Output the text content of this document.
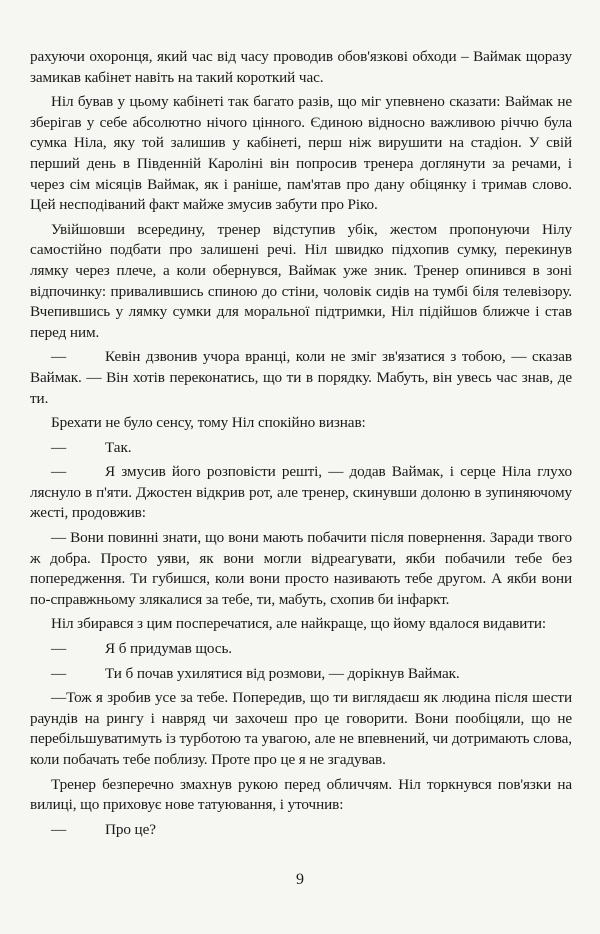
рахуючи охоронця, який час від часу проводив обов'язкові обходи – Ваймак щоразу замикав кабінет навіть на такий короткий час.

Ніл бував у цьому кабінеті так багато разів, що міг упевнено сказати: Ваймак не зберігав у себе абсолютно нічого цінного. Єдиною відносно важливою річчю була сумка Ніла, яку той залишив у кабінеті, перш ніж вирушити на стадіон. У свій перший день в Південній Кароліні він попросив тренера доглянути за речами, і через сім місяців Ваймак, як і раніше, пам'ятав про дану обіцянку і тримав слово. Цей несподіваний факт майже змусив забути про Ріко.

Увійшовши всередину, тренер відступив убік, жестом пропонуючи Нілу самостійно подбати про залишені речі. Ніл швидко підхопив сумку, перекинув лямку через плече, а коли обернувся, Ваймак уже зник. Тренер опинився в зоні відпочинку: привалившись спиною до стіни, чоловік сидів на тумбі біля телевізору. Вчепившись у лямку сумки для моральної підтримки, Ніл підійшов ближче і став перед ним.

—	Кевін дзвонив учора вранці, коли не зміг зв'язатися з тобою, — сказав Ваймак. — Він хотів переконатись, що ти в порядку. Мабуть, він увесь час знав, де ти.

Брехати не було сенсу, тому Ніл спокійно визнав:

—	Так.
—	Я змусив його розповісти решті, — додав Ваймак, і серце Ніла глухо ляснуло в п'яти. Джостен відкрив рот, але тренер, скинувши долоню в зупиняючому жесті, продовжив:

— Вони повинні знати, що вони мають побачити після повернення. Заради твого ж добра. Просто уяви, як вони могли відреагувати, якби побачили тебе без попередження. Ти губишся, коли вони просто називають тебе другом. А якби вони по-справжньому злякалися за тебе, ти, мабуть, схопив би інфаркт.

Ніл збирався з цим посперечатися, але найкраще, що йому вдалося видавити:

—	Я б придумав щось.
—	Ти б почав ухилятися від розмови, — дорікнув Ваймак.

—Тож я зробив усе за тебе. Попередив, що ти виглядаєш як людина після шести раундів на рингу і навряд чи захочеш про це говорити. Вони пообіцяли, що не перебільшуватимуть із турботою та увагою, але не впевнений, чи дотримають слова, коли побачать тебе поблизу. Проте про це я не згадував.

Тренер безперечно змахнув рукою перед обличчям. Ніл торкнувся пов'язки на вилиці, що приховує нове татуювання, і уточнив:

—	Про це?
9
